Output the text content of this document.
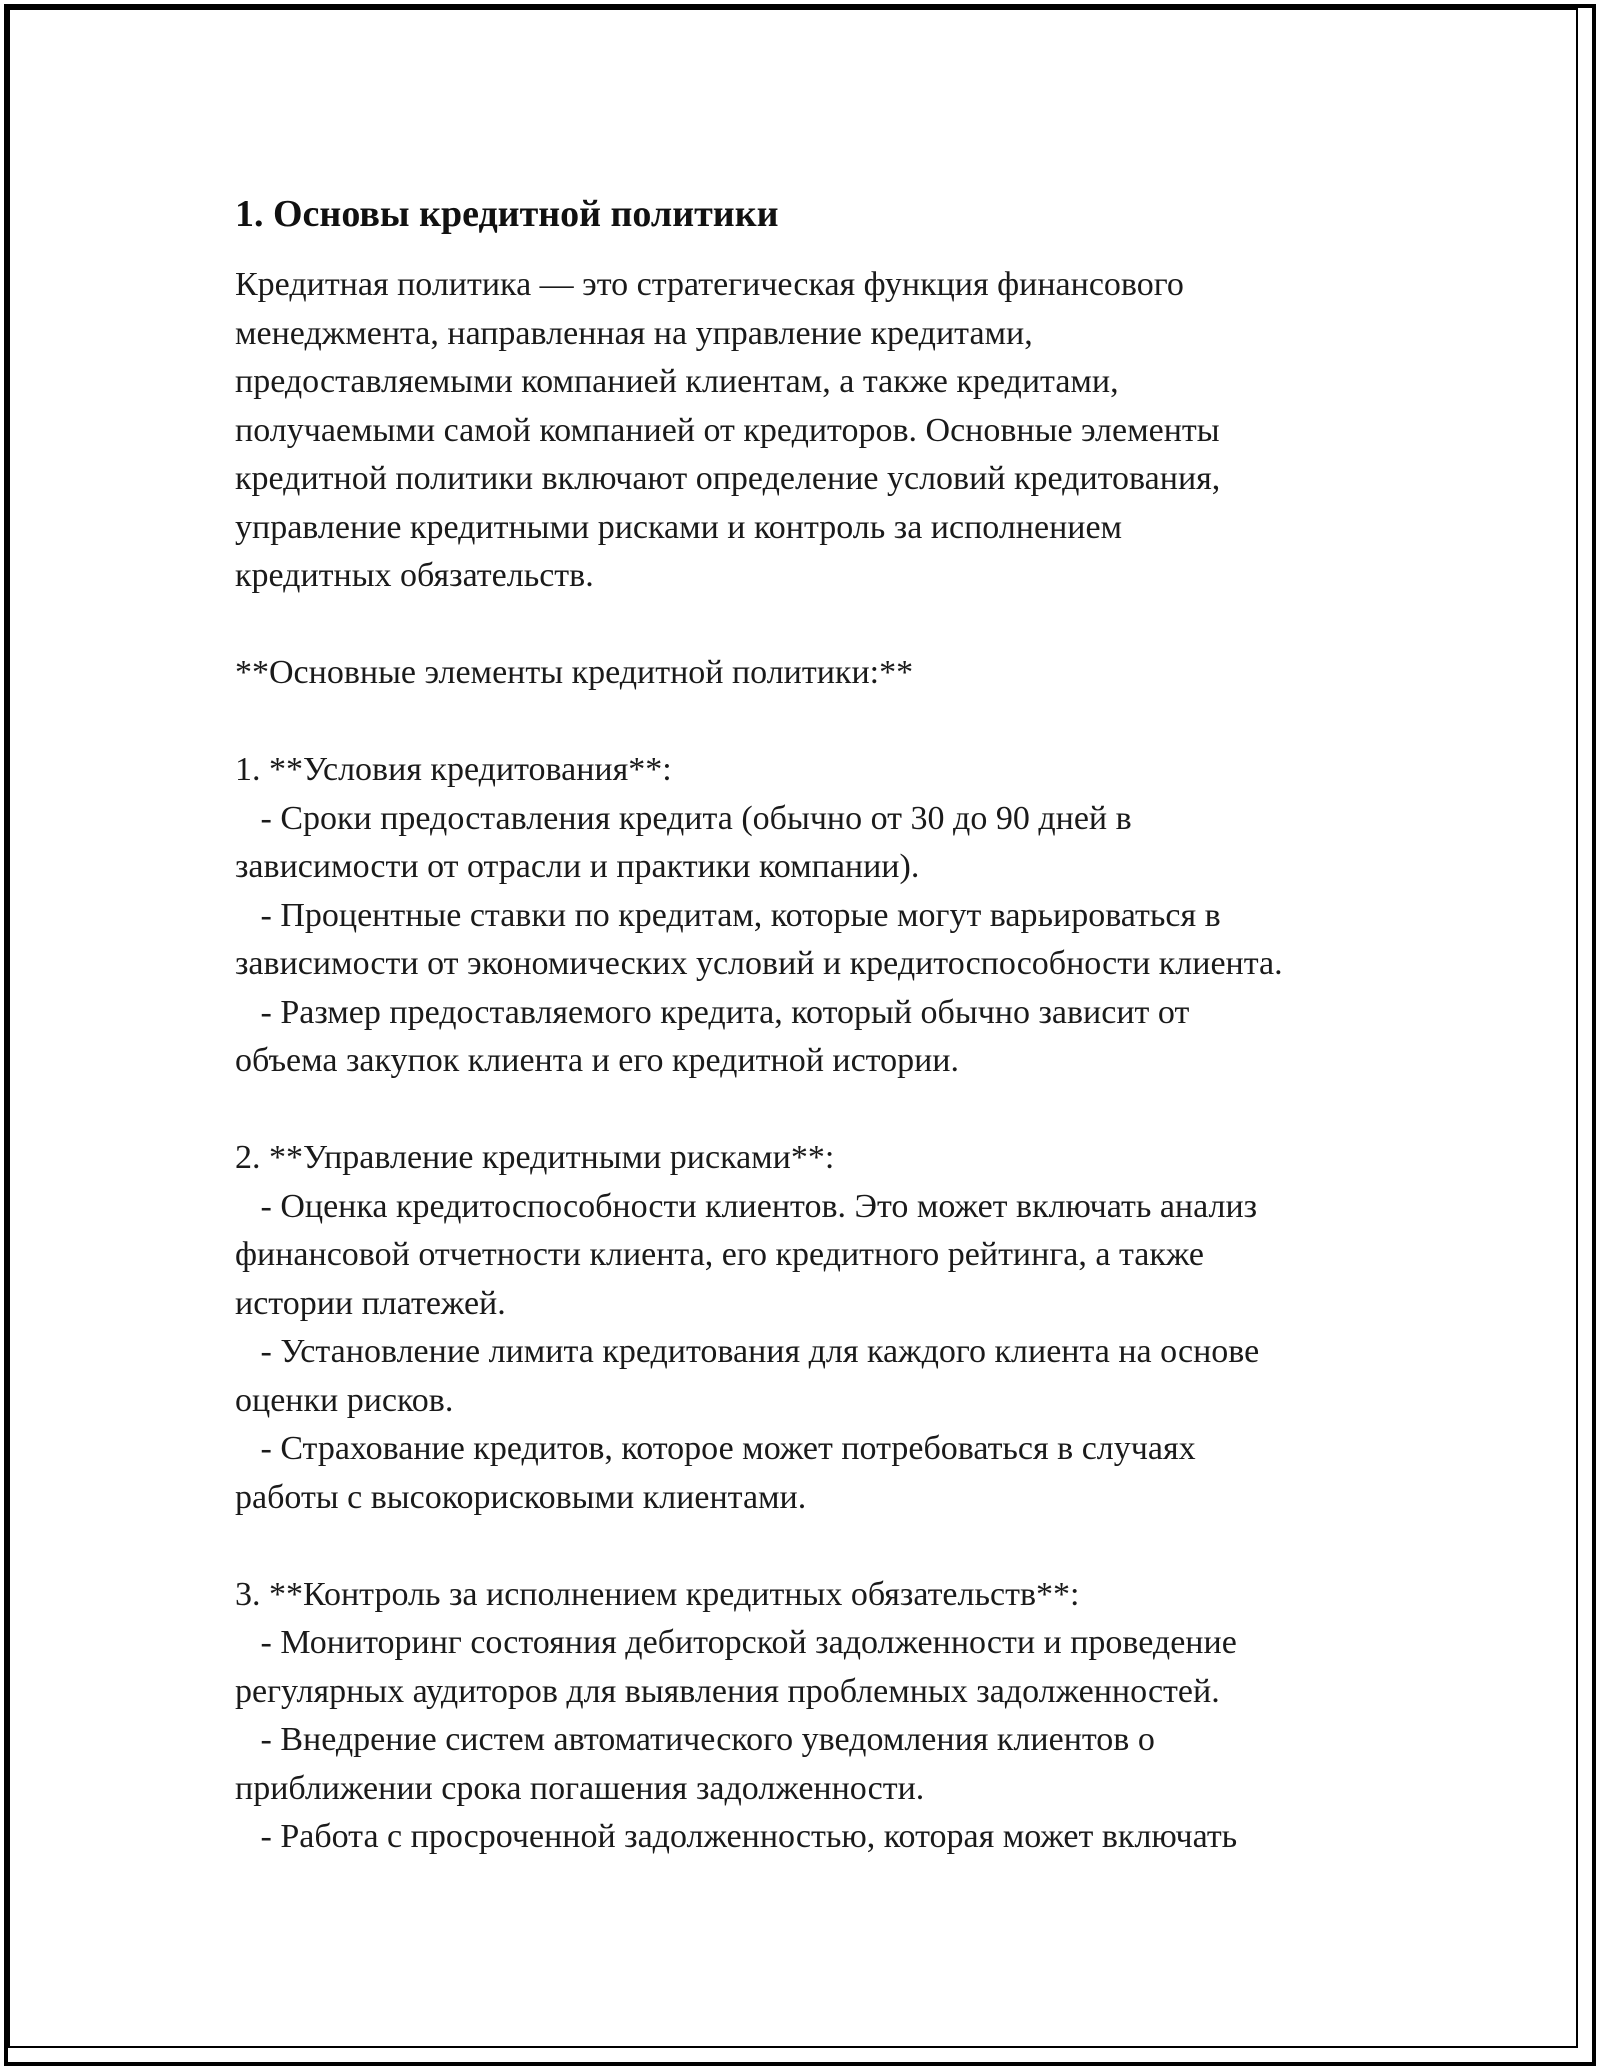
1. Основы кредитной политики

Кредитная политика — это стратегическая функция финансового

менеджмента, направленная на управление кредитами,

предоставляемыми компанией клиентам, а также кредитами,

получаемыми самой компанией от кредиторов. Основные элементы

кредитной политики включают определение условий кредитования,

управление кредитными рисками и контроль за исполнением

кредитных обязательств.

**Основные элементы кредитной политики:**

1. **Условия кредитования**:

- Сроки предоставления кредита (обычно от 30 до 90 дней в

зависимости от отрасли и практики компании).

- Процентные ставки по кредитам, которые могут варьироваться в

зависимости от экономических условий и кредитоспособности клиента.

- Размер предоставляемого кредита, который обычно зависит от

объема закупок клиента и его кредитной истории.

2. **Управление кредитными рисками**:

- Оценка кредитоспособности клиентов. Это может включать анализ

финансовой отчетности клиента, его кредитного рейтинга, а также

истории платежей.

- Установление лимита кредитования для каждого клиента на основе

оценки рисков.

- Страхование кредитов, которое может потребоваться в случаях

работы с высокорисковыми клиентами.

3. **Контроль за исполнением кредитных обязательств**:

- Мониторинг состояния дебиторской задолженности и проведение

регулярных аудиторов для выявления проблемных задолженностей.

- Внедрение систем автоматического уведомления клиентов о

приближении срока погашения задолженности.

- Работа с просроченной задолженностью, которая может включать
